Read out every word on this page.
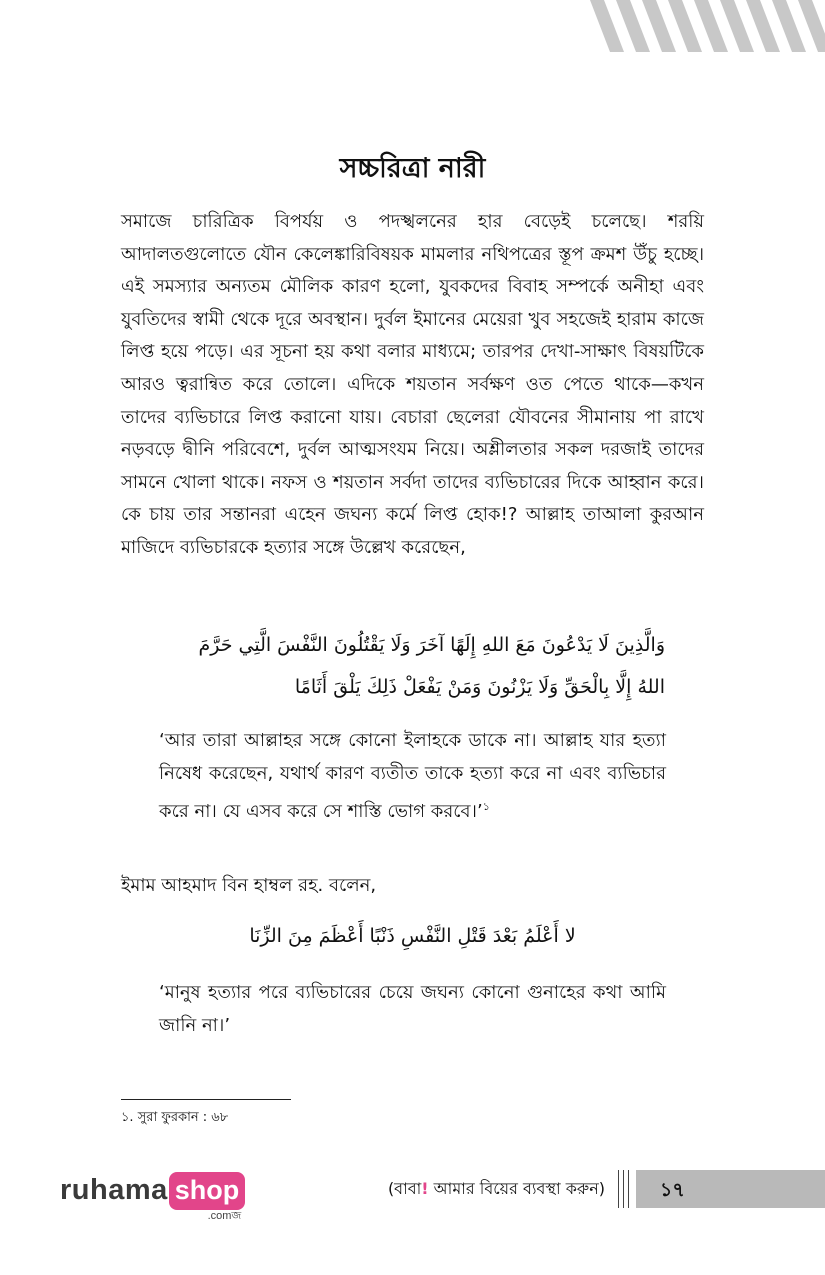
সচ্চরিত্রা নারী

সমাজে চারিত্রিক বিপর্যয় ও পদস্খলনের হার বেড়েই চলেছে। শরয়ি আদালতগুলোতে যৌন কেলেঙ্কারিবিষয়ক মামলার নথিপত্রের স্তূপ ক্রমশ উঁচু হচ্ছে। এই সমস্যার অন্যতম মৌলিক কারণ হলো, যুবকদের বিবাহ সম্পর্কে অনীহা এবং যুবতিদের স্বামী থেকে দূরে অবস্থান। দুর্বল ইমানের মেয়েরা খুব সহজেই হারাম কাজে লিপ্ত হয়ে পড়ে। এর সূচনা হয় কথা বলার মাধ্যমে; তারপর দেখা-সাক্ষাৎ বিষয়টিকে আরও ত্বরান্বিত করে তোলে। এদিকে শয়তান সর্বক্ষণ ওত পেতে থাকে—কখন তাদের ব্যভিচারে লিপ্ত করানো যায়। বেচারা ছেলেরা যৌবনের সীমানায় পা রাখে নড়বড়ে দ্বীনি পরিবেশে, দুর্বল আত্মসংযম নিয়ে। অশ্লীলতার সকল দরজাই তাদের সামনে খোলা থাকে। নফস ও শয়তান সর্বদা তাদের ব্যভিচারের দিকে আহ্বান করে। কে চায় তার সন্তানরা এহেন জঘন্য কর্মে লিপ্ত হোক!? আল্লাহ তাআলা কুরআন মাজিদে ব্যভিচারকে হত্যার সঙ্গে উল্লেখ করেছেন,

وَالَّذِينَ لَا يَدْعُونَ مَعَ اللهِ إِلَهًا آخَرَ وَلَا يَقْتُلُونَ النَّفْسَ الَّتِي حَرَّمَ
اللهُ إِلَّا بِالْحَقِّ وَلَا يَزْنُونَ وَمَنْ يَفْعَلْ ذَلِكَ يَلْقَ أَثَامًا

‘আর তারা আল্লাহর সঙ্গে কোনো ইলাহকে ডাকে না। আল্লাহ যার হত্যা নিষেধ করেছেন, যথার্থ কারণ ব্যতীত তাকে হত্যা করে না এবং ব্যভিচার করে না। যে এসব করে সে শাস্তি ভোগ করবে।’$^১$

ইমাম আহমাদ বিন হাম্বল রহ. বলেন,

لا أَعْلَمُ بَعْدَ قَتْلِ النَّفْسِ ذَنْبًا أَعْظَمَ مِنَ الزِّنَا

‘মানুষ হত্যার পরে ব্যভিচারের চেয়ে জঘন্য কোনো গুনাহের কথা আমি জানি না।’

১. সুরা ফুরকান : ৬৮

ruhama shop
.comজ

(বাবা! আমার বিয়ের ব্যবস্থা করুন)	১৭
